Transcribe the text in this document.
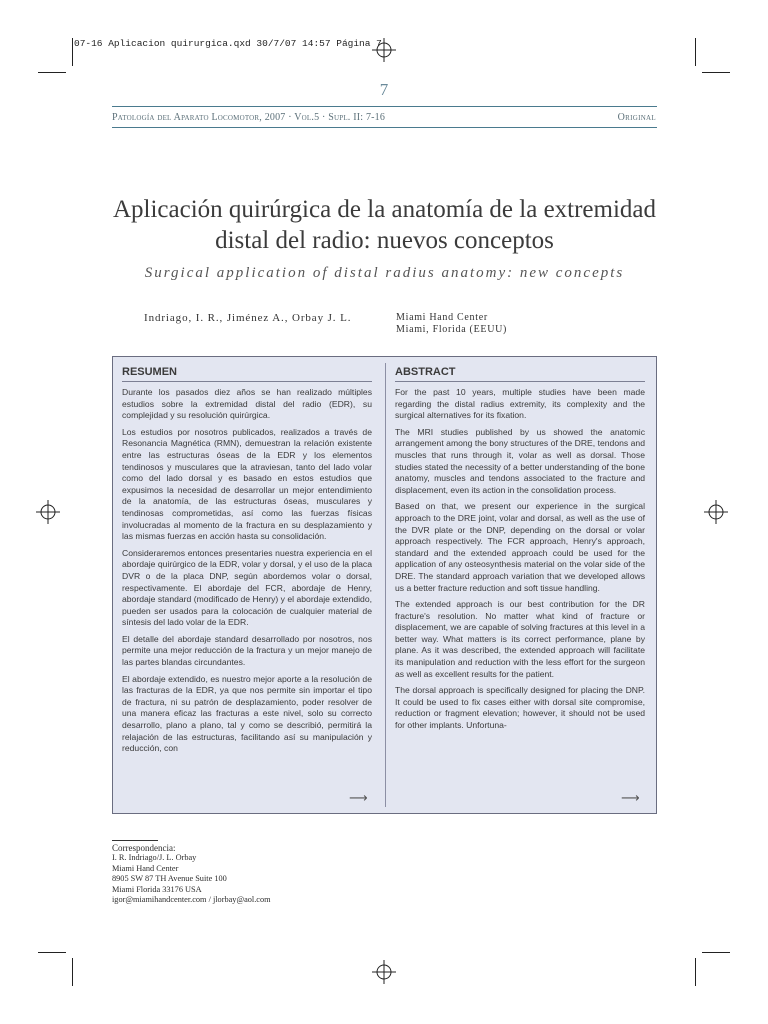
07-16 Aplicacion quirurgica.qxd 30/7/07 14:57 Página 7
7
Patología del Aparato Locomotor, 2007 · Vol.5 · Supl. II: 7-16	Original
Aplicación quirúrgica de la anatomía de la extremidad distal del radio: nuevos conceptos
Surgical application of distal radius anatomy: new concepts
Indriago, I. R., Jiménez A., Orbay J. L.	Miami Hand Center
Miami, Florida (EEUU)
RESUMEN

Durante los pasados diez años se han realizado múltiples estudios sobre la extremidad distal del radio (EDR), su complejidad y su resolución quirúrgica.

Los estudios por nosotros publicados, realizados a través de Resonancia Magnética (RMN), demuestran la relación existente entre las estructuras óseas de la EDR y los elementos tendinosos y musculares que la atraviesan, tanto del lado volar como del lado dorsal y es basado en estos estudios que expusimos la necesidad de desarrollar un mejor entendimiento de la anatomía, de las estructuras óseas, musculares y tendinosas comprometidas, así como las fuerzas físicas involucradas al momento de la fractura en su desplazamiento y las mismas fuerzas en acción hasta su consolidación.

Consideraremos entonces presentaries nuestra experiencia en el abordaje quirúrgico de la EDR, volar y dorsal, y el uso de la placa DVR o de la placa DNP, según abordemos volar o dorsal, respectivamente. El abordaje del FCR, abordaje de Henry, abordaje standard (modificado de Henry) y el abordaje extendido, pueden ser usados para la colocación de cualquier material de síntesis del lado volar de la EDR.

El detalle del abordaje standard desarrollado por nosotros, nos permite una mejor reducción de la fractura y un mejor manejo de las partes blandas circundantes.

El abordaje extendido, es nuestro mejor aporte a la resolución de las fracturas de la EDR, ya que nos permite sin importar el tipo de fractura, ni su patrón de desplazamiento, poder resolver de una manera eficaz las fracturas a este nivel, solo su correcto desarrollo, plano a plano, tal y como se describió, permitirá la relajación de las estructuras, facilitando así su manipulación y reducción, con

ABSTRACT

For the past 10 years, multiple studies have been made regarding the distal radius extremity, its complexity and the surgical alternatives for its fixation.

The MRI studies published by us showed the anatomic arrangement among the bony structures of the DRE, tendons and muscles that runs through it, volar as well as dorsal. Those studies stated the necessity of a better understanding of the bone anatomy, muscles and tendons associated to the fracture and displacement, even its action in the consolidation process.

Based on that, we present our experience in the surgical approach to the DRE joint, volar and dorsal, as well as the use of the DVR plate or the DNP, depending on the dorsal or volar approach respectively. The FCR approach, Henry's approach, standard and the extended approach could be used for the application of any osteosynthesis material on the volar side of the DRE. The standard approach variation that we developed allows us a better fracture reduction and soft tissue handling.

The extended approach is our best contribution for the DR fracture's resolution. No matter what kind of fracture or displacement, we are capable of solving fractures at this level in a better way. What matters is its correct performance, plane by plane. As it was described, the extended approach will facilitate its manipulation and reduction with the less effort for the surgeon as well as excellent results for the patient.

The dorsal approach is specifically designed for placing the DNP. It could be used to fix cases either with dorsal site compromise, reduction or fragment elevation; however, it should not be used for other implants. Unfortuna-

⟶	⟶
Correspondencia:
I. R. Indriago/J. L. Orbay
Miami Hand Center
8905 SW 87 TH Avenue Suite 100
Miami Florida 33176 USA
igor@miamihandcenter.com / jlorbay@aol.com
